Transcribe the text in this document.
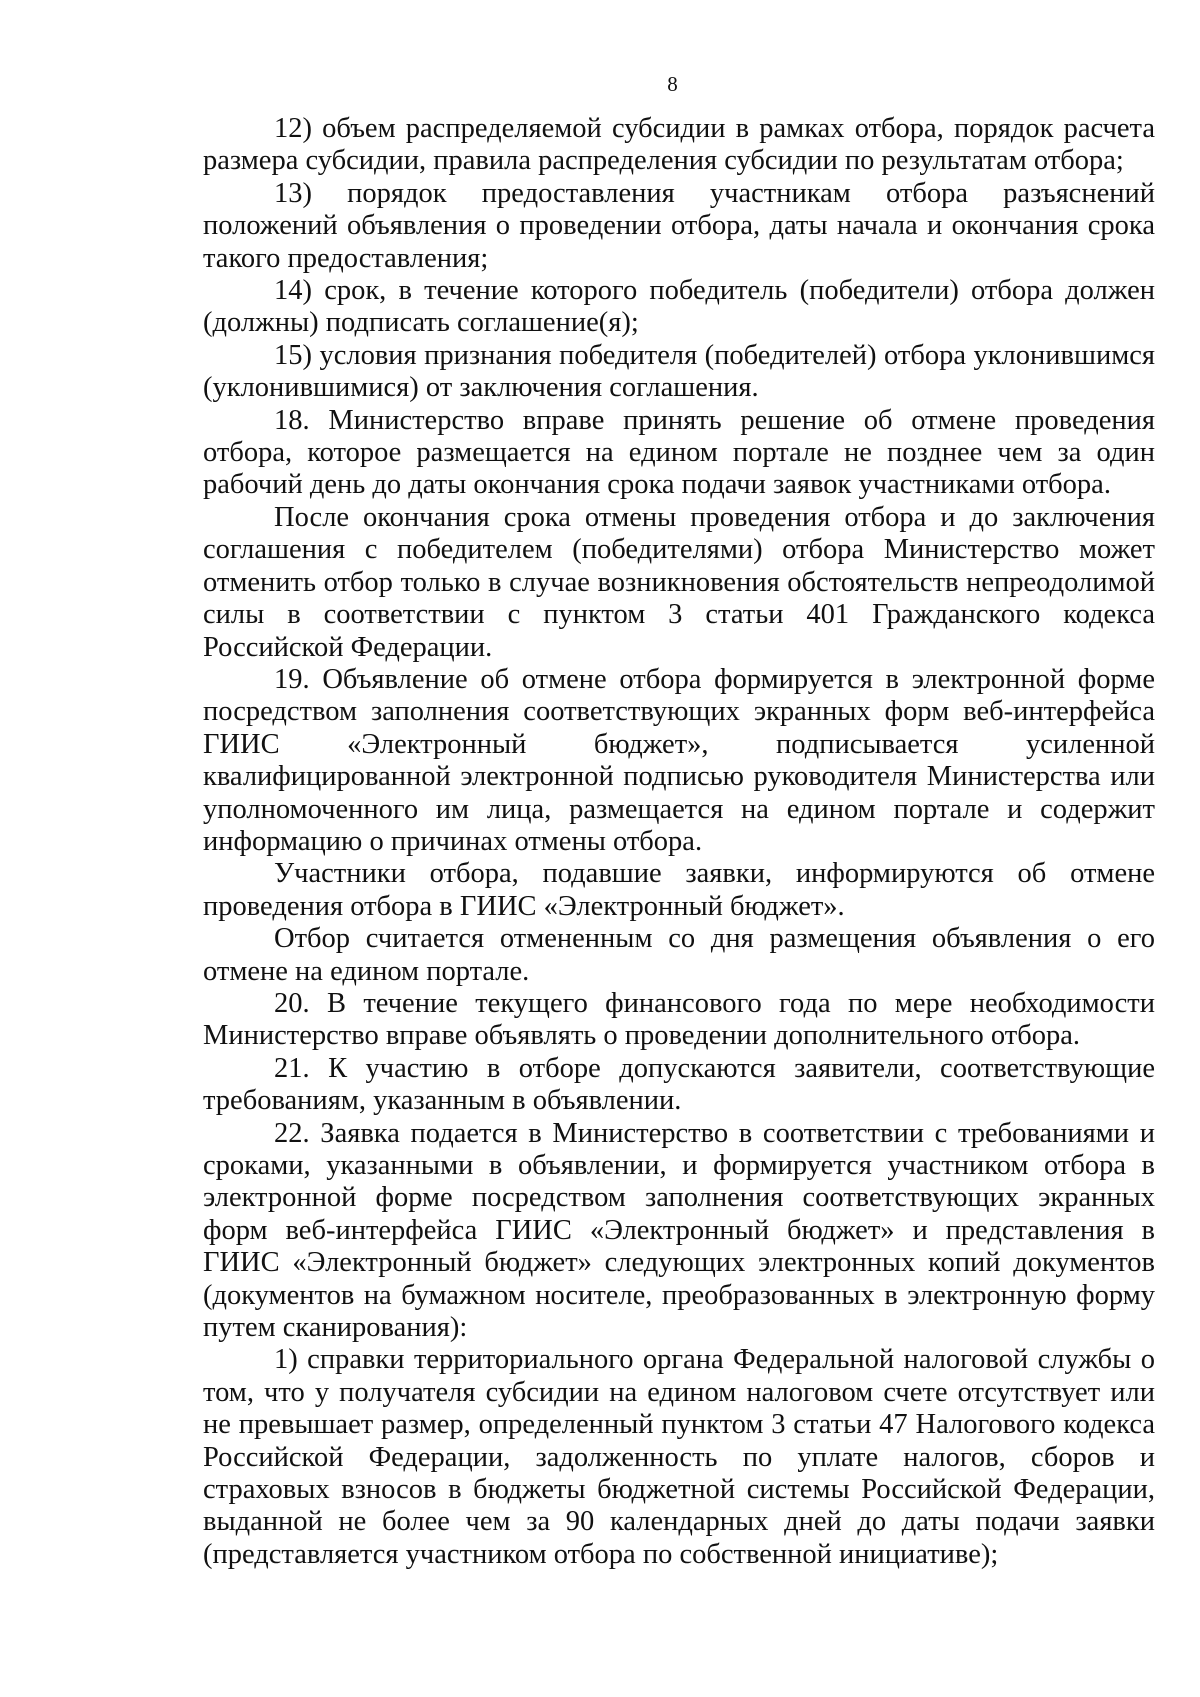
8

12) объем распределяемой субсидии в рамках отбора, порядок расчета размера субсидии, правила распределения субсидии по результатам отбора;

13) порядок предоставления участникам отбора разъяснений положений объявления о проведении отбора, даты начала и окончания срока такого предоставления;

14) срок, в течение которого победитель (победители) отбора должен (должны) подписать соглашение(я);

15) условия признания победителя (победителей) отбора уклонившимся (уклонившимися) от заключения соглашения.

18. Министерство вправе принять решение об отмене проведения отбора, которое размещается на едином портале не позднее чем за один рабочий день до даты окончания срока подачи заявок участниками отбора.

После окончания срока отмены проведения отбора и до заключения соглашения с победителем (победителями) отбора Министерство может отменить отбор только в случае возникновения обстоятельств непреодолимой силы в соответствии с пунктом 3 статьи 401 Гражданского кодекса Российской Федерации.

19. Объявление об отмене отбора формируется в электронной форме посредством заполнения соответствующих экранных форм веб-интерфейса ГИИС «Электронный бюджет», подписывается усиленной квалифицированной электронной подписью руководителя Министерства или уполномоченного им лица, размещается на едином портале и содержит информацию о причинах отмены отбора.

Участники отбора, подавшие заявки, информируются об отмене проведения отбора в ГИИС «Электронный бюджет».

Отбор считается отмененным со дня размещения объявления о его отмене на едином портале.

20. В течение текущего финансового года по мере необходимости Министерство вправе объявлять о проведении дополнительного отбора.

21. К участию в отборе допускаются заявители, соответствующие требованиям, указанным в объявлении.

22. Заявка подается в Министерство в соответствии с требованиями и сроками, указанными в объявлении, и формируется участником отбора в электронной форме посредством заполнения соответствующих экранных форм веб-интерфейса ГИИС «Электронный бюджет» и представления в ГИИС «Электронный бюджет» следующих электронных копий документов (документов на бумажном носителе, преобразованных в электронную форму путем сканирования):

1) справки территориального органа Федеральной налоговой службы о том, что у получателя субсидии на едином налоговом счете отсутствует или не превышает размер, определенный пунктом 3 статьи 47 Налогового кодекса Российской Федерации, задолженность по уплате налогов, сборов и страховых взносов в бюджеты бюджетной системы Российской Федерации, выданной не более чем за 90 календарных дней до даты подачи заявки (представляется участником отбора по собственной инициативе);
